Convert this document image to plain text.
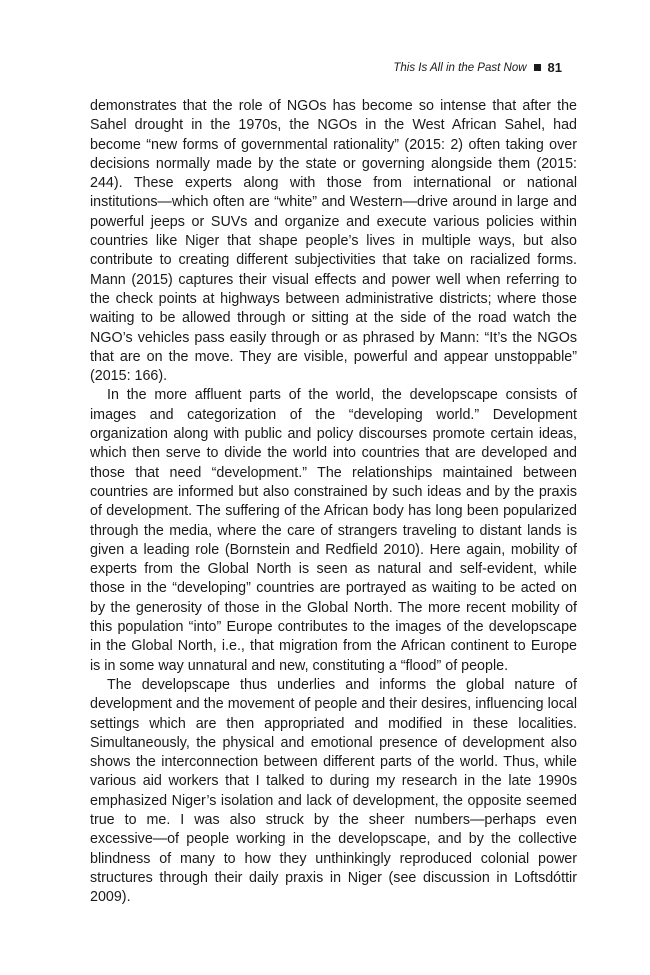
This Is All in the Past Now 81

demonstrates that the role of NGOs has become so intense that after the Sahel drought in the 1970s, the NGOs in the West African Sahel, had become “new forms of governmental rationality” (2015: 2) often taking over decisions normally made by the state or governing alongside them (2015: 244). These experts along with those from international or national institutions—which often are “white” and Western—drive around in large and powerful jeeps or SUVs and organize and execute various policies within countries like Niger that shape people’s lives in multiple ways, but also contribute to creating different subjectivities that take on racialized forms. Mann (2015) captures their visual effects and power well when referring to the check points at highways between administrative districts; where those waiting to be allowed through or sitting at the side of the road watch the NGO’s vehicles pass easily through or as phrased by Mann: “It’s the NGOs that are on the move. They are visible, powerful and appear unstoppable” (2015: 166).

In the more affluent parts of the world, the developscape consists of images and categorization of the “developing world.” Development organization along with public and policy discourses promote certain ideas, which then serve to divide the world into countries that are developed and those that need “development.” The relationships maintained between countries are informed but also constrained by such ideas and by the praxis of development. The suffering of the African body has long been popularized through the media, where the care of strangers traveling to distant lands is given a leading role (Bornstein and Redfield 2010). Here again, mobility of experts from the Global North is seen as natural and self-evident, while those in the “developing” countries are portrayed as waiting to be acted on by the generosity of those in the Global North. The more recent mobility of this population “into” Europe contributes to the images of the developscape in the Global North, i.e., that migration from the African continent to Europe is in some way unnatural and new, constituting a “flood” of people.

The developscape thus underlies and informs the global nature of development and the movement of people and their desires, influencing local settings which are then appropriated and modified in these localities. Simultaneously, the physical and emotional presence of development also shows the interconnection between different parts of the world. Thus, while various aid workers that I talked to during my research in the late 1990s emphasized Niger’s isolation and lack of development, the opposite seemed true to me. I was also struck by the sheer numbers—perhaps even excessive—of people working in the developscape, and by the collective blindness of many to how they unthinkingly reproduced colonial power structures through their daily praxis in Niger (see discussion in Loftsdóttir 2009).
